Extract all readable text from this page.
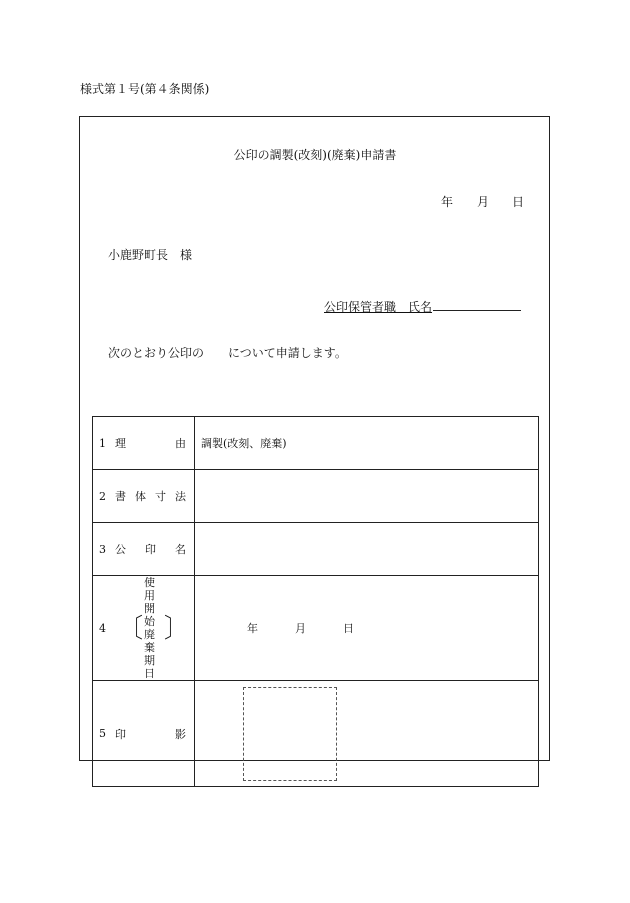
様式第１号(第４条関係)
公印の調製(改刻)(廃棄)申請書
年 月 日
小鹿野町長　様
公印保管者職　氏名
次のとおり公印の について申請します。
1 理 由	調製(改刻、廃棄)

2 書 体 寸 法	

3 公 印 名	

4 〔
使用開始
廃棄期日
〕	年 月 日

5 印 影	
